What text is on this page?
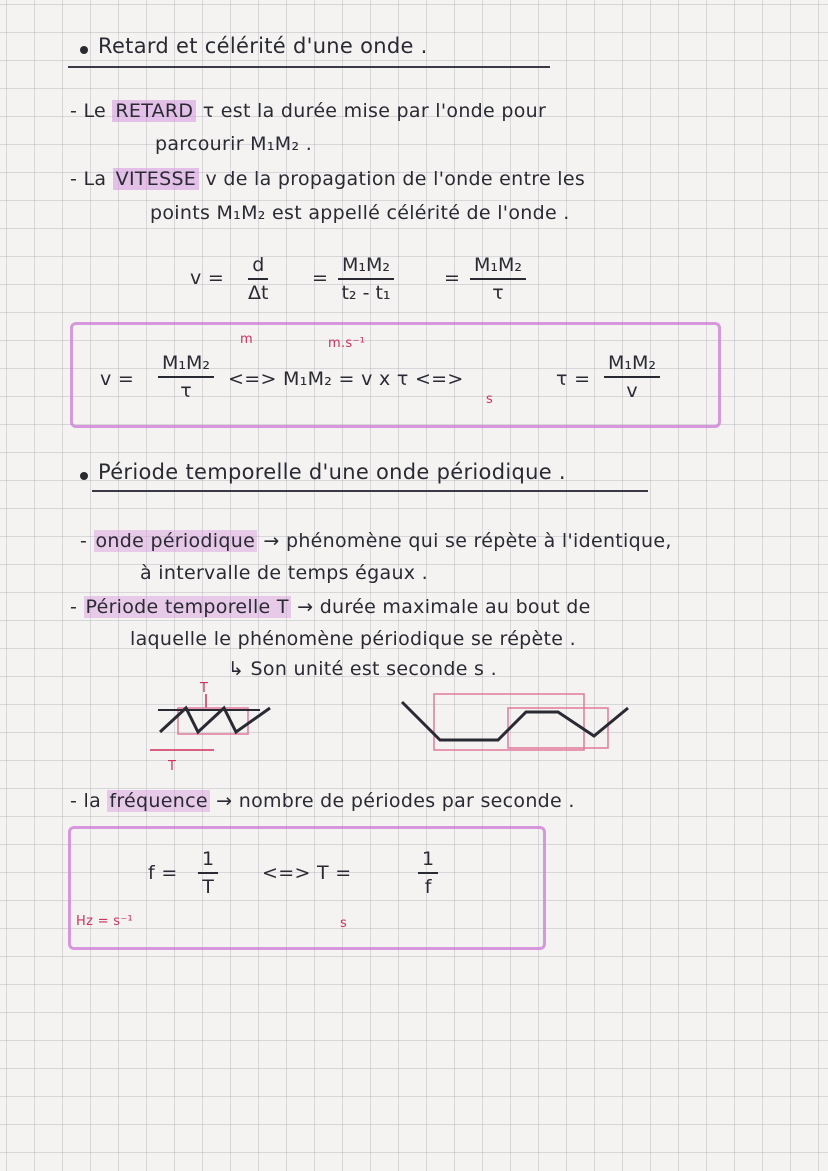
Retard et célérité d'une onde .
- Le RETARD τ est la durée mise par l'onde pour
parcourir M₁M₂ .
- La VITESSE v de la propagation de l'onde entre les
points M₁M₂ est appellé célérité de l'onde .
v =
d
Δt
=
M₁M₂
t₂ - t₁
=
M₁M₂
τ
m	m.s⁻¹
v =
M₁M₂
τ
<=> M₁M₂ = v x τ <=>
s
τ =
M₁M₂
v
Période temporelle d'une onde périodique .
- onde périodique → phénomène qui se répète à l'identique,
à intervalle de temps égaux .
- Période temporelle T → durée maximale au bout de
laquelle le phénomène périodique se répète .
↳ Son unité est seconde s .
T
T
- la fréquence → nombre de périodes par seconde .
f =
1
T
<=> T =
1
f
Hz = s⁻¹	s
